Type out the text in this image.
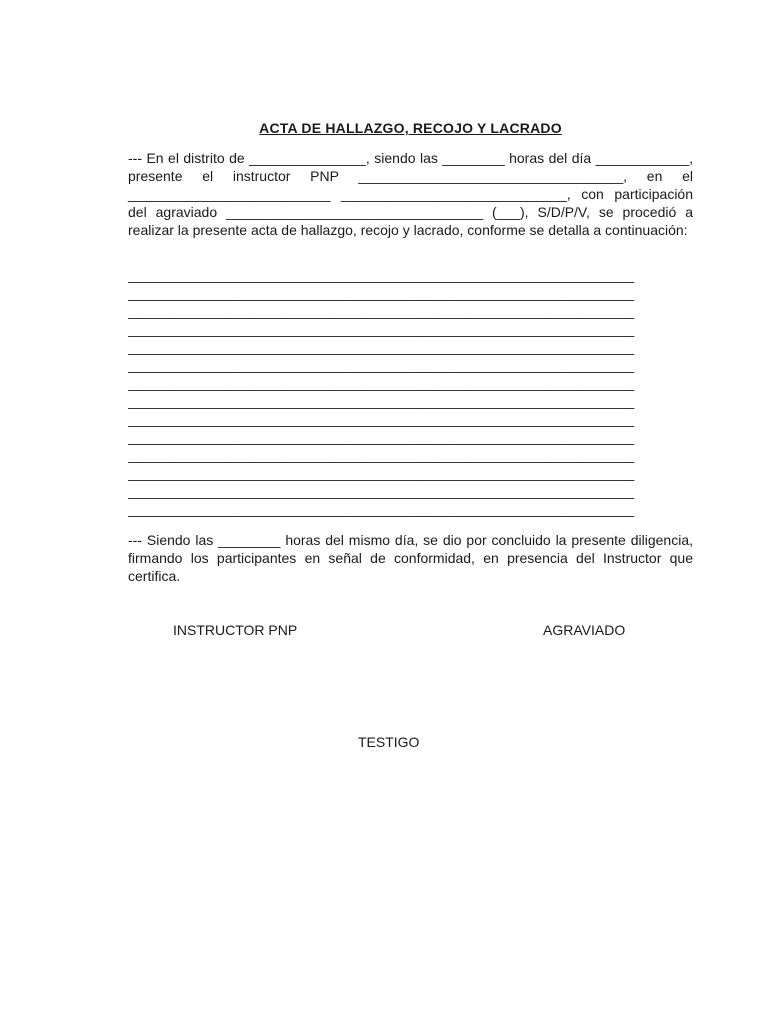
ACTA DE HALLAZGO, RECOJO Y LACRADO
--- En el distrito de _______________, siendo las ________ horas del día ____________, presente el instructor PNP __________________________________, en el __________________________ _____________________________, con participación del agraviado _________________________________ (___), S/D/P/V, se procedió a realizar la presente acta de hallazgo, recojo y lacrado, conforme se detalla a continuación:
_________________________________________________________________
_________________________________________________________________
_________________________________________________________________
_________________________________________________________________
_________________________________________________________________
_________________________________________________________________
_________________________________________________________________
_________________________________________________________________
_________________________________________________________________
_________________________________________________________________
_________________________________________________________________
_________________________________________________________________
_________________________________________________________________
_________________________________________________________________
--- Siendo las ________ horas del mismo día, se dio por concluido la presente diligencia, firmando los participantes en señal de conformidad, en presencia del Instructor que certifica.
INSTRUCTOR PNP	AGRAVIADO
TESTIGO
